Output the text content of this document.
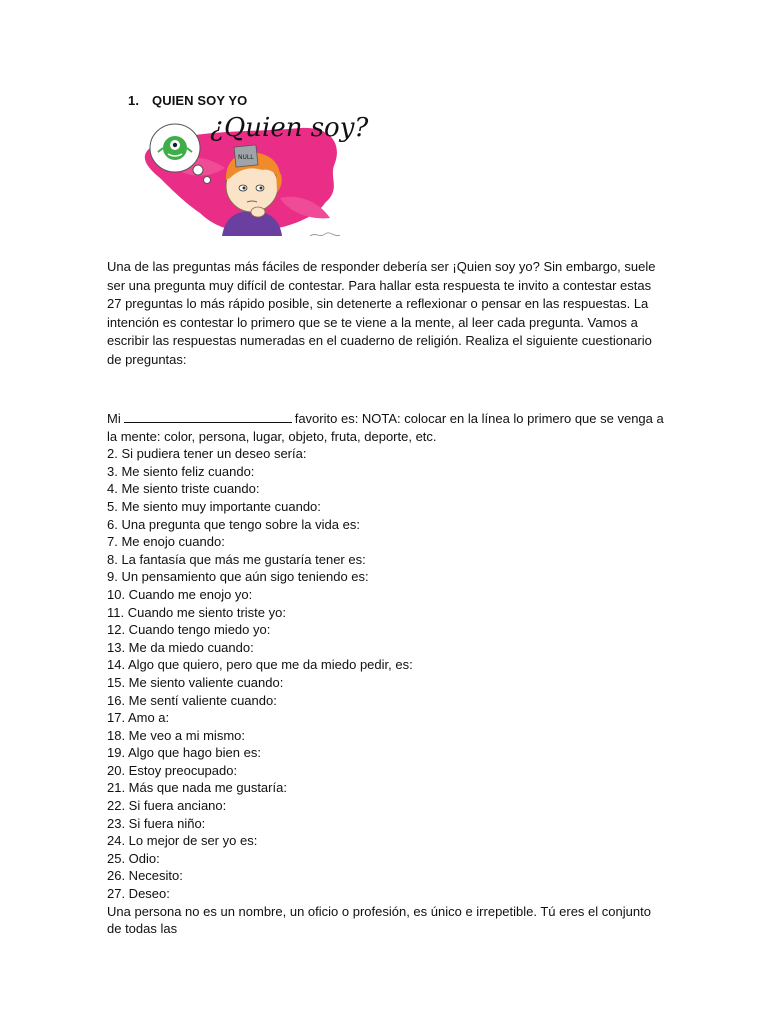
1. QUIEN SOY YO
¿Quien soy?
NULL

Una de las preguntas más fáciles de responder debería ser ¡Quien soy yo? Sin embargo, suele ser una pregunta muy difícil de contestar. Para hallar esta respuesta te invito a contestar estas 27 preguntas lo más rápido posible, sin detenerte a reflexionar o pensar en las respuestas. La intención es contestar lo primero que se te viene a la mente, al leer cada pregunta. Vamos a escribir las respuestas numeradas en el cuaderno de religión. Realiza el siguiente cuestionario de preguntas:

Mi	favorito es: NOTA: colocar en la línea lo primero que se venga a la mente: color, persona, lugar, objeto, fruta, deporte, etc.
2. Si pudiera tener un deseo sería:
3. Me siento feliz cuando:
4. Me siento triste cuando:
5. Me siento muy importante cuando:
6. Una pregunta que tengo sobre la vida es:
7. Me enojo cuando:
8. La fantasía que más me gustaría tener es:
9. Un pensamiento que aún sigo teniendo es:
10. Cuando me enojo yo:
11. Cuando me siento triste yo:
12. Cuando tengo miedo yo:
13. Me da miedo cuando:
14. Algo que quiero, pero que me da miedo pedir, es:
15. Me siento valiente cuando:
16. Me sentí valiente cuando:
17. Amo a:
18. Me veo a mi mismo:
19. Algo que hago bien es:
20. Estoy preocupado:
21. Más que nada me gustaría:
22. Si fuera anciano:
23. Si fuera niño:
24. Lo mejor de ser yo es:
25. Odio:
26. Necesito:
27. Deseo:
Una persona no es un nombre, un oficio o profesión, es único e irrepetible. Tú eres el conjunto de todas las
